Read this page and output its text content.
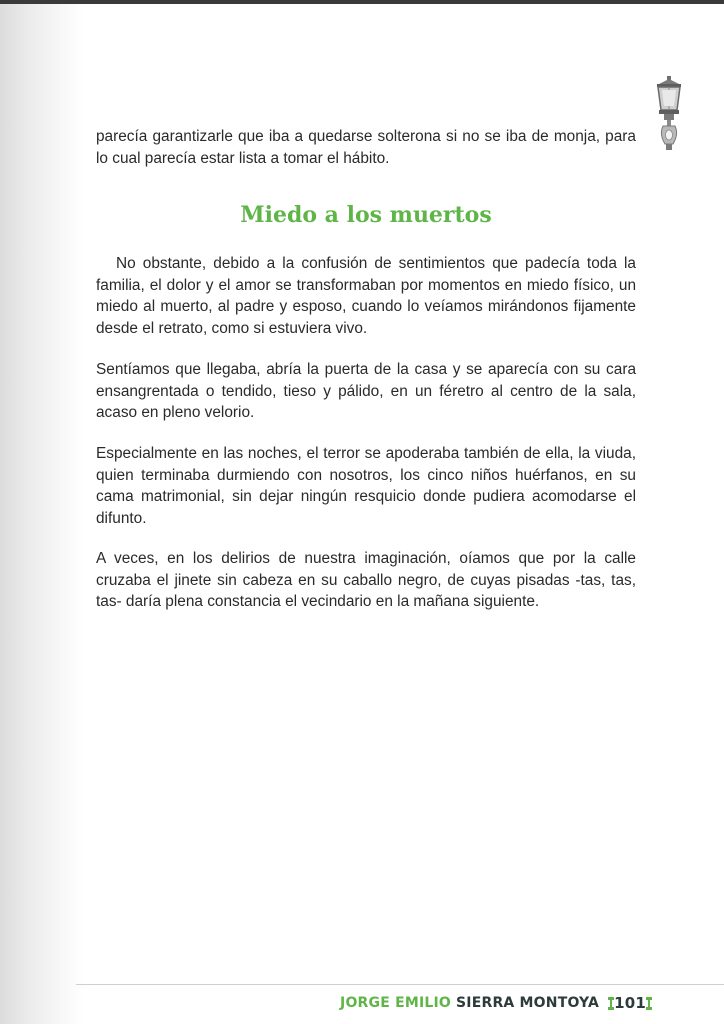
parecía garantizarle que iba a quedarse solterona si no se iba de monja, para lo cual parecía estar lista a tomar el hábito.

Miedo a los muertos

No obstante, debido a la confusión de sentimientos que padecía toda la familia, el dolor y el amor se transformaban por momentos en miedo físico, un miedo al muerto, al padre y esposo, cuando lo veíamos mirándonos fijamente desde el retrato, como si estuviera vivo.

Sentíamos que llegaba, abría la puerta de la casa y se aparecía con su cara ensangrentada o tendido, tieso y pálido, en un féretro al centro de la sala, acaso en pleno velorio.

Especialmente en las noches, el terror se apoderaba también de ella, la viuda, quien terminaba durmiendo con nosotros, los cinco niños huérfanos, en su cama matrimonial, sin dejar ningún resquicio donde pudiera acomodarse el difunto.

A veces, en los delirios de nuestra imaginación, oíamos que por la calle cruzaba el jinete sin cabeza en su caballo negro, de cuyas pisadas -tas, tas, tas- daría plena constancia el vecindario en la mañana siguiente.

JORGE EMILIO SIERRA MONTOYA 101
